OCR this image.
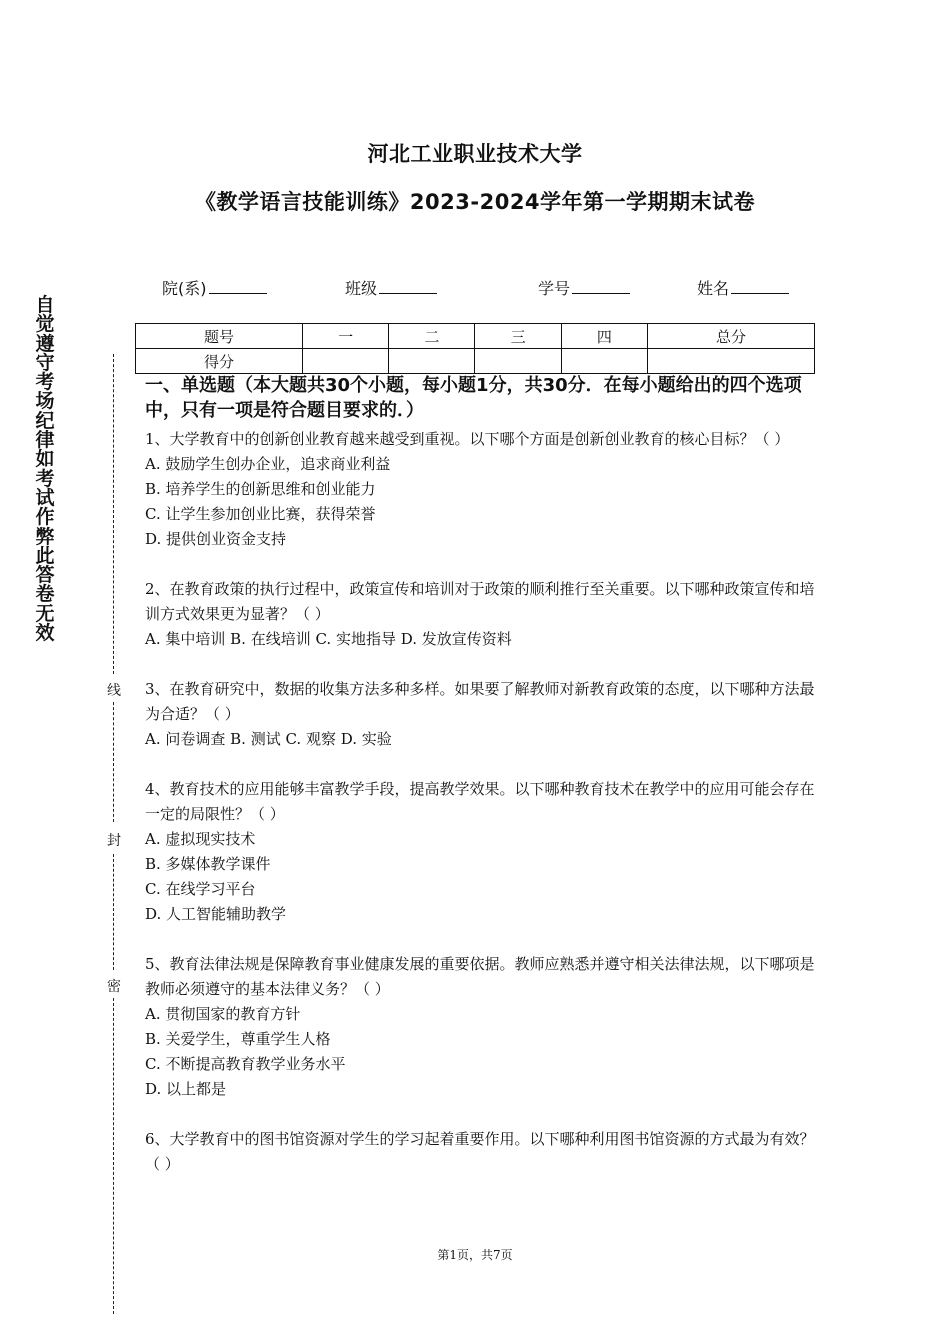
河北工业职业技术大学
《教学语言技能训练》2023-2024学年第一学期期末试卷
院(系)	班级	学号	姓名
题号	一	二	三	四	总分
得分					
自
觉
遵
守
考
场
纪
律
如
考
试
作
弊
此
答
卷
无
效
线
封
密
一、单选题（本大题共30个小题，每小题1分，共30分．在每小题给出的四个选项中，只有一项是符合题目要求的．）

1、大学教育中的创新创业教育越来越受到重视。以下哪个方面是创新创业教育的核心目标？（ ）

A. 鼓励学生创办企业，追求商业利益

B. 培养学生的创新思维和创业能力

C. 让学生参加创业比赛，获得荣誉

D. 提供创业资金支持

2、在教育政策的执行过程中，政策宣传和培训对于政策的顺利推行至关重要。以下哪种政策宣传和培训方式效果更为显著？（ ）

A. 集中培训 B. 在线培训 C. 实地指导 D. 发放宣传资料

3、在教育研究中，数据的收集方法多种多样。如果要了解教师对新教育政策的态度，以下哪种方法最为合适？（ ）

A. 问卷调查 B. 测试 C. 观察 D. 实验

4、教育技术的应用能够丰富教学手段，提高教学效果。以下哪种教育技术在教学中的应用可能会存在一定的局限性？（ ）

A. 虚拟现实技术

B. 多媒体教学课件

C. 在线学习平台

D. 人工智能辅助教学

5、教育法律法规是保障教育事业健康发展的重要依据。教师应熟悉并遵守相关法律法规，以下哪项是教师必须遵守的基本法律义务？（ ）

A. 贯彻国家的教育方针

B. 关爱学生，尊重学生人格

C. 不断提高教育教学业务水平

D. 以上都是

6、大学教育中的图书馆资源对学生的学习起着重要作用。以下哪种利用图书馆资源的方式最为有效？（ ）

第1页，共7页
